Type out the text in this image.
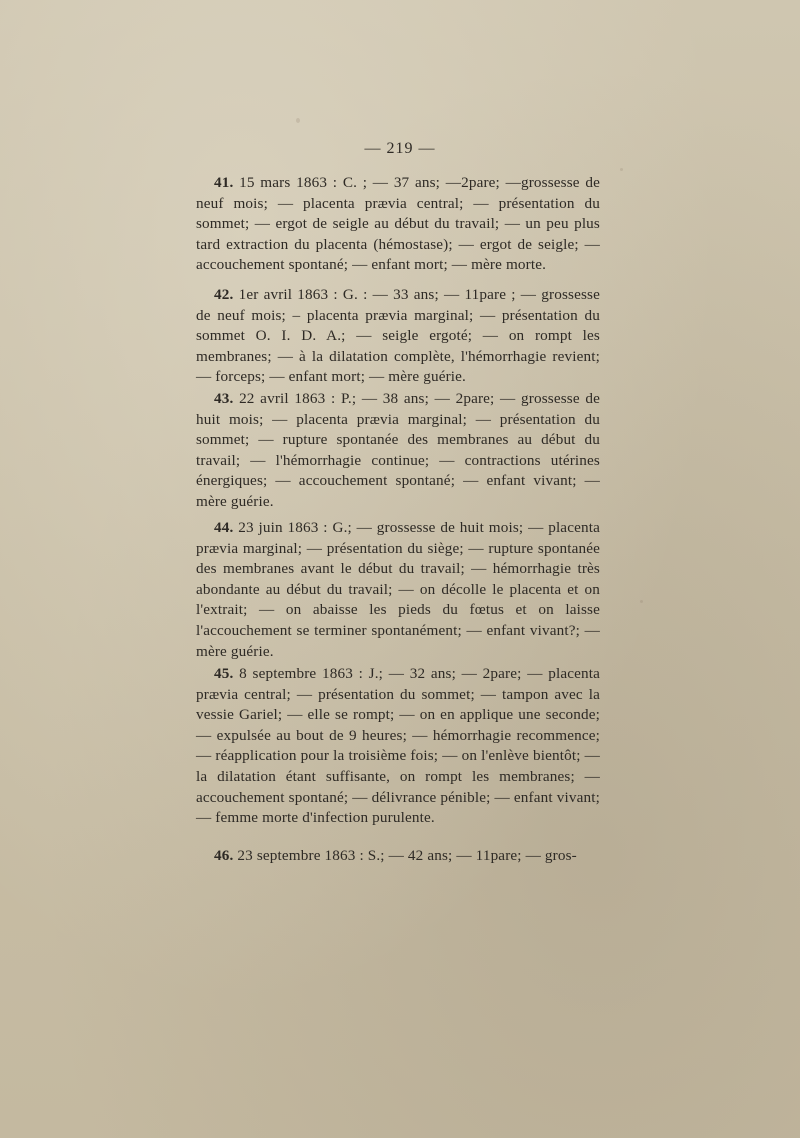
— 219 —

41. 15 mars 1863 : C. ; — 37 ans; —2pare; —grossesse de neuf mois; — placenta prævia central; — présentation du sommet; — ergot de seigle au début du travail; — un peu plus tard extraction du placenta (hémostase); — ergot de seigle; — accouchement spontané; — enfant mort; — mère morte.

42. 1er avril 1863 : G. : — 33 ans; — 11pare ; — grossesse de neuf mois; – placenta prævia marginal; — présentation du sommet O. I. D. A.; — seigle ergoté; — on rompt les membranes; — à la dilatation complète, l'hémorrhagie revient; — forceps; — enfant mort; — mère guérie.

43. 22 avril 1863 : P.; — 38 ans; — 2pare; — grossesse de huit mois; — placenta prævia marginal; — présentation du sommet; — rupture spontanée des membranes au début du travail; — l'hémorrhagie continue; — contractions utérines énergiques; — accouchement spontané; — enfant vivant; — mère guérie.

44. 23 juin 1863 : G.; — grossesse de huit mois; — placenta prævia marginal; — présentation du siège; — rupture spontanée des membranes avant le début du travail; — hémorrhagie très abondante au début du travail; — on décolle le placenta et on l'extrait; — on abaisse les pieds du fœtus et on laisse l'accouchement se terminer spontanément; — enfant vivant?; — mère guérie.

45. 8 septembre 1863 : J.; — 32 ans; — 2pare; — placenta prævia central; — présentation du sommet; — tampon avec la vessie Gariel; — elle se rompt; — on en applique une seconde; — expulsée au bout de 9 heures; — hémorrhagie recommence; — réapplication pour la troisième fois; — on l'enlève bientôt; — la dilatation étant suffisante, on rompt les membranes; — accouchement spontané; — délivrance pénible; — enfant vivant; — femme morte d'infection purulente.

46. 23 septembre 1863 : S.; — 42 ans; — 11pare; — gros-
